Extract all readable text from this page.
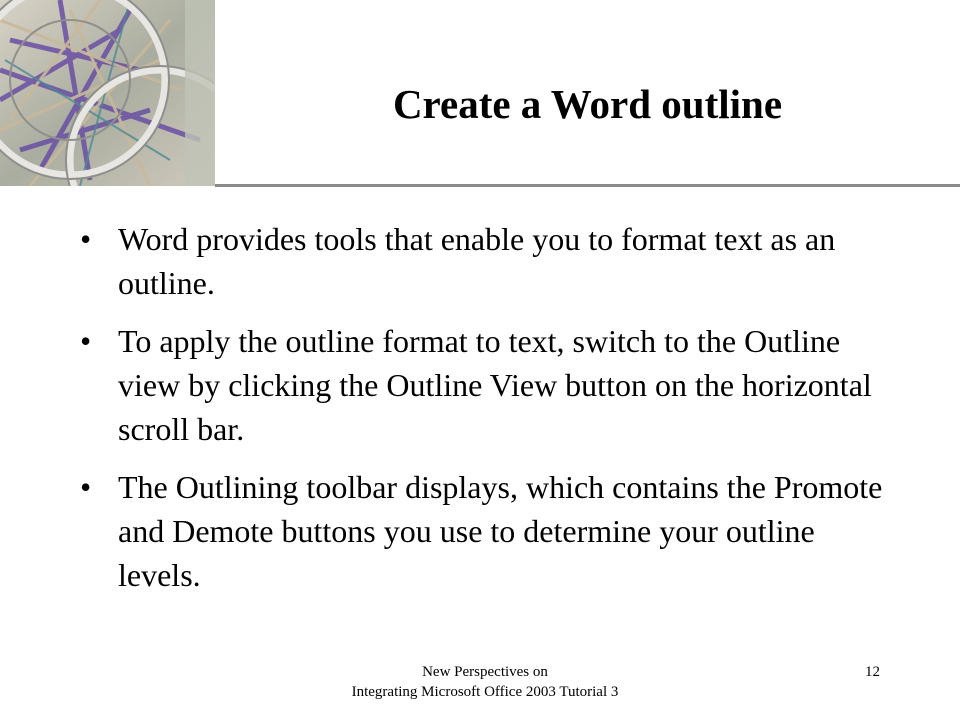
Create a Word outline
• Word provides tools that enable you to format text as an outline.
• To apply the outline format to text, switch to the Outline view by clicking the Outline View button on the horizontal scroll bar.
• The Outlining toolbar displays, which contains the Promote and Demote buttons you use to determine your outline levels.
New Perspectives on
Integrating Microsoft Office 2003 Tutorial 3
12
